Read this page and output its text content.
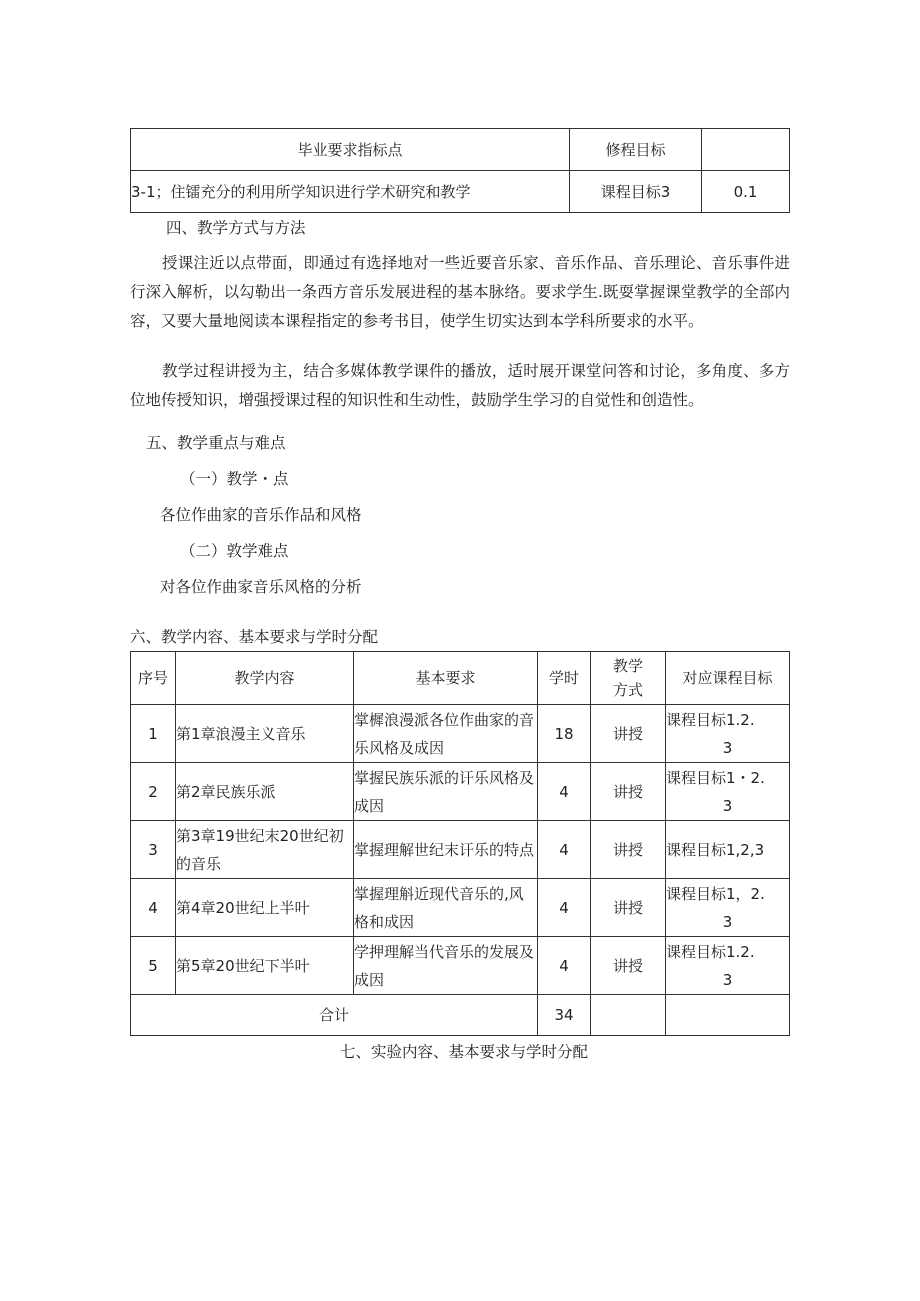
毕业要求指标点	修程目标	
3-1；住镭充分的利用所学知识进行学术研究和教学	课程目标3	0.1
四、教学方式与方法
授课注近以点带面，即通过有选择地对一些近要音乐家、音乐作品、音乐理论、音乐事件进行深入解析，以勾勒出一条西方音乐发展进程的基本脉络。要求学生.既耍掌握课堂教学的全部内容，又要大量地阅读本课程指定的参考书目，使学生切实达到本学科所要求的水平。
教学过程讲授为主，结合多媒体教学课件的播放，适时展开课堂问答和讨论，多角度、多方位地传授知识，增强授课过程的知识性和生动性，鼓励学生学习的自觉性和创造性。
五、教学重点与难点
（一）教学・点
各位作曲家的音乐作品和风格
（二）敦学难点
对各位作曲家音乐风格的分析
六、教学内容、基本要求与学时分配
序号	教学内容	基本要求	学时	教学方式	对应课程目标
1	第1章浪漫主义音乐	掌樨浪漫派各位作曲家的音乐风格及成因	18	讲授	课程目标1.2.
3

2	第2章民族乐派	掌握民族乐派的讦乐风格及成因	4	讲授	课程目标1・2.
3

3	第3章19世纪末20世纪初的音乐	掌握理解世纪末讦乐的特点	4	讲授	课程目标1,2,3
4	第4章20世纪上半叶	掌握理斛近现代音乐的,风格和成因	4	讲授	课程目标1，2.
3

5	第5章20世纪下半叶	学押理解当代音乐的发展及成因	4	讲授	课程目标1.2.
3

合计			34		
七、实验内容、基本要求与学时分配
